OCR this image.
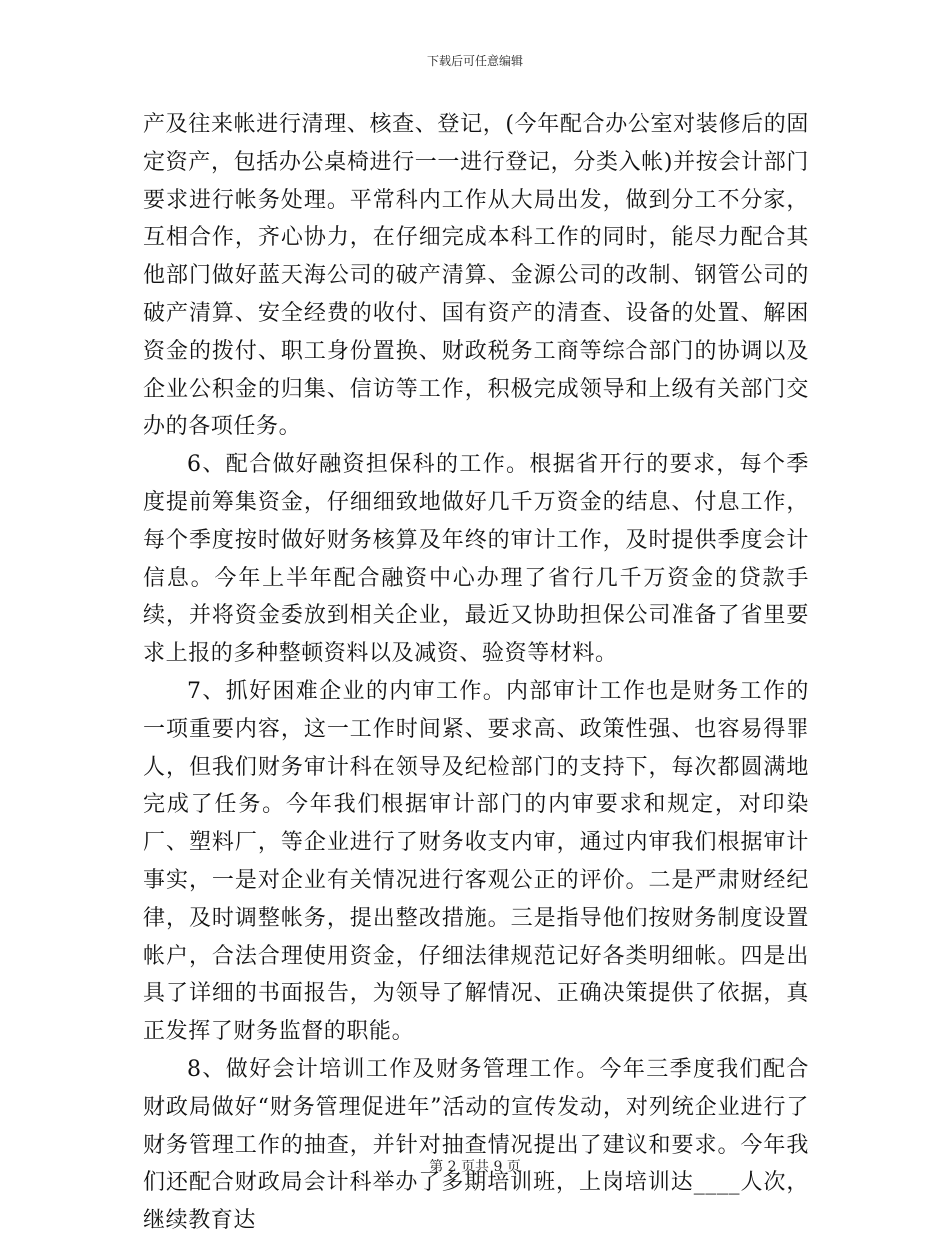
下载后可任意编辑

产及往来帐进行清理、核查、登记，(今年配合办公室对装修后的固定资产，包括办公桌椅进行一一进行登记，分类入帐)并按会计部门要求进行帐务处理。平常科内工作从大局出发，做到分工不分家，互相合作，齐心协力，在仔细完成本科工作的同时，能尽力配合其他部门做好蓝天海公司的破产清算、金源公司的改制、钢管公司的破产清算、安全经费的收付、国有资产的清查、设备的处置、解困资金的拨付、职工身份置换、财政税务工商等综合部门的协调以及企业公积金的归集、信访等工作，积极完成领导和上级有关部门交办的各项任务。

6、配合做好融资担保科的工作。根据省开行的要求，每个季度提前筹集资金，仔细细致地做好几千万资金的结息、付息工作，每个季度按时做好财务核算及年终的审计工作，及时提供季度会计信息。今年上半年配合融资中心办理了省行几千万资金的贷款手续，并将资金委放到相关企业，最近又协助担保公司准备了省里要求上报的多种整顿资料以及减资、验资等材料。

7、抓好困难企业的内审工作。内部审计工作也是财务工作的一项重要内容，这一工作时间紧、要求高、政策性强、也容易得罪人，但我们财务审计科在领导及纪检部门的支持下，每次都圆满地完成了任务。今年我们根据审计部门的内审要求和规定，对印染厂、塑料厂，等企业进行了财务收支内审，通过内审我们根据审计事实，一是对企业有关情况进行客观公正的评价。二是严肃财经纪律，及时调整帐务，提出整改措施。三是指导他们按财务制度设置帐户，合法合理使用资金，仔细法律规范记好各类明细帐。四是出具了详细的书面报告，为领导了解情况、正确决策提供了依据，真正发挥了财务监督的职能。

8、做好会计培训工作及财务管理工作。今年三季度我们配合财政局做好“财务管理促进年”活动的宣传发动，对列统企业进行了财务管理工作的抽查，并针对抽查情况提出了建议和要求。今年我们还配合财政局会计科举办了多期培训班，上岗培训达____人次，继续教育达

第 2 页共 9 页
